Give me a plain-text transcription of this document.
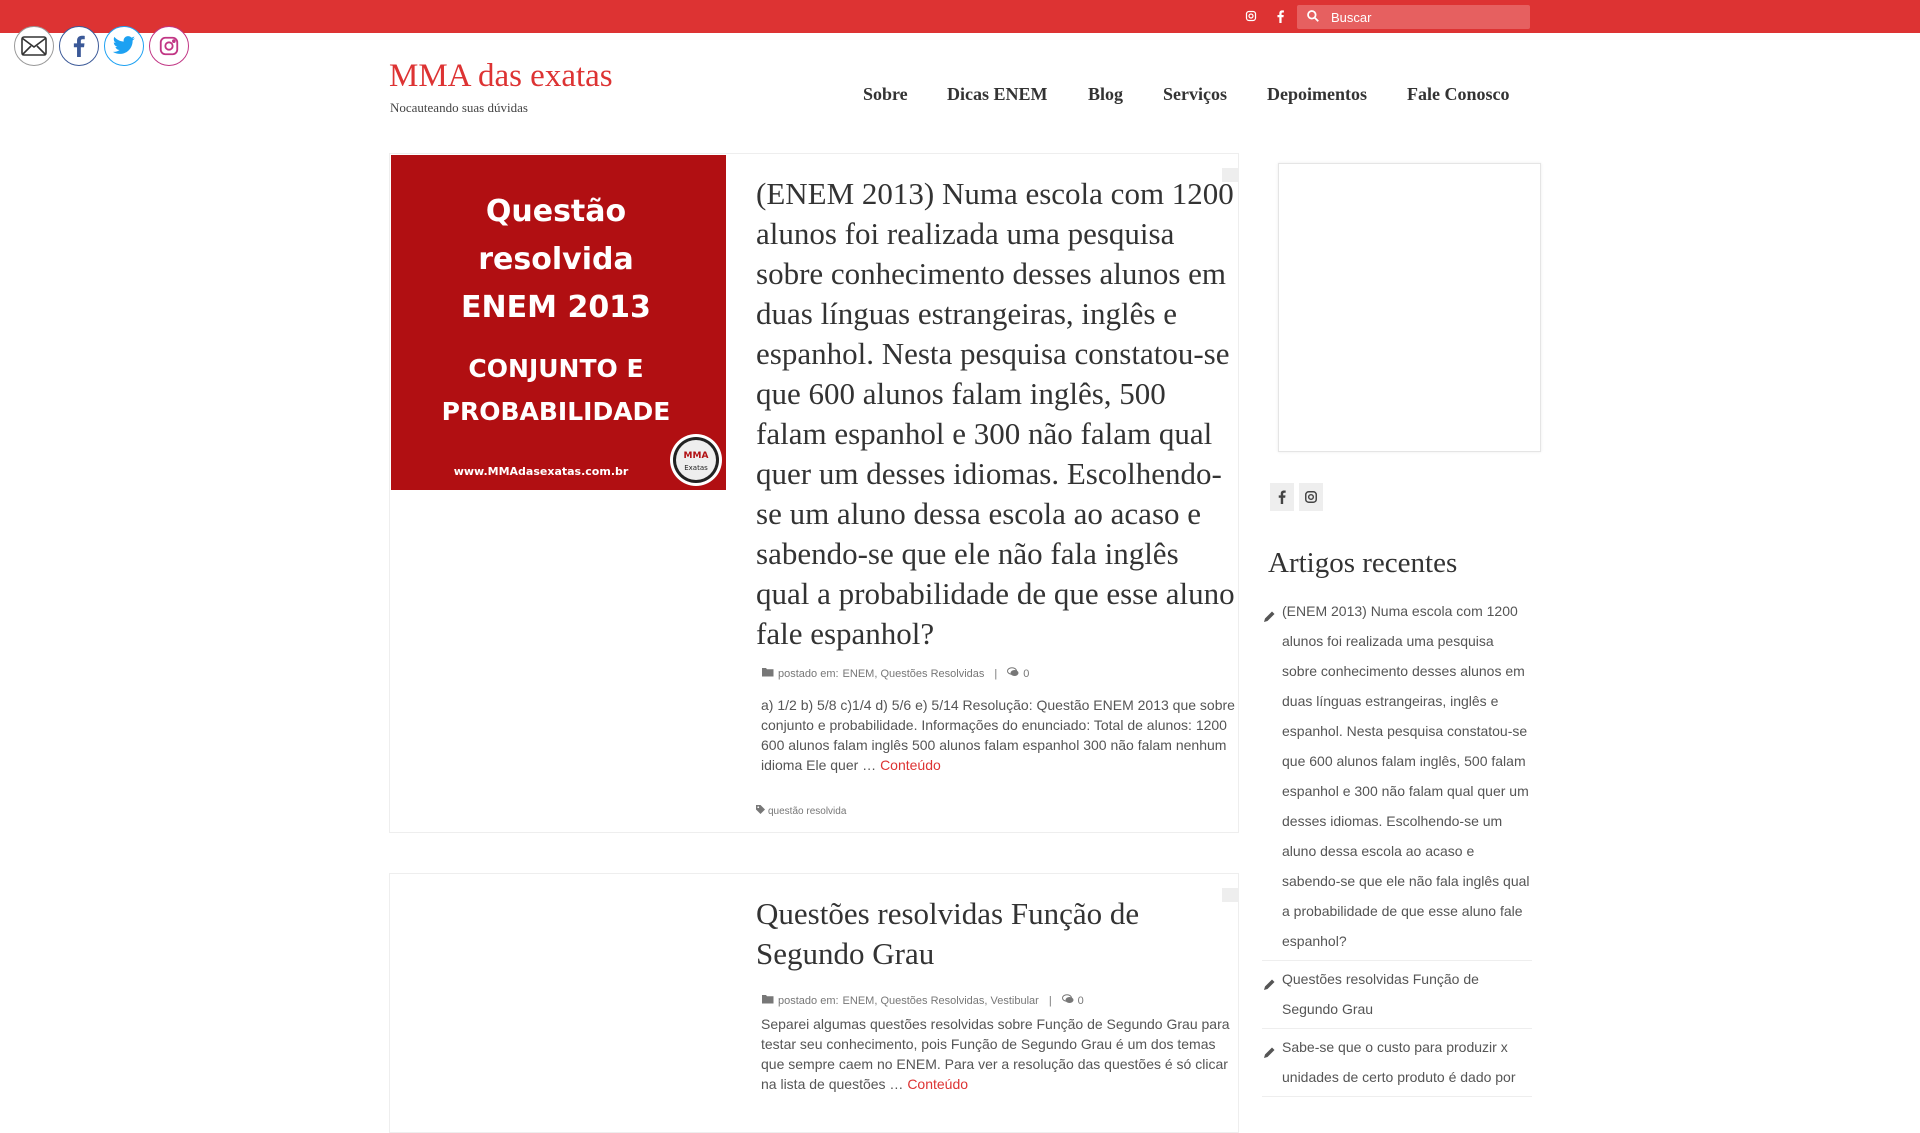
Buscar
MMA das exatas
Nocauteando suas dúvidas
Sobre Dicas ENEM Blog Serviços Depoimentos Fale Conosco
Questão
resolvida
ENEM 2013
CONJUNTO E
PROBABILIDADE
www.MMAdasexatas.com.br
MMA
Exatas
(ENEM 2013) Numa escola com 1200 alunos foi realizada uma pesquisa sobre conhecimento desses alunos em duas línguas estrangeiras, inglês e espanhol. Nesta pesquisa constatou-se que 600 alunos falam inglês, 500 falam espanhol e 300 não falam qual quer um desses idiomas. Escolhendo-se um aluno dessa escola ao acaso e sabendo-se que ele não fala inglês qual a probabilidade de que esse aluno fale espanhol?
postado em: ENEM, Questões Resolvidas | 0

a) 1/2 b) 5/8 c)1/4 d) 5/6 e) 5/14 Resolução: Questão ENEM 2013 que sobre conjunto e probabilidade. Informações do enunciado: Total de alunos: 1200 600 alunos falam inglês 500 alunos falam espanhol 300 não falam nenhum idioma Ele quer … Conteúdo

questão resolvida
Questões resolvidas Função de Segundo Grau
postado em: ENEM, Questões Resolvidas, Vestibular | 0

Separei algumas questões resolvidas sobre Função de Segundo Grau para testar seu conhecimento, pois Função de Segundo Grau é um dos temas que sempre caem no ENEM. Para ver a resolução das questões é só clicar na lista de questões … Conteúdo

Artigos recentes
(ENEM 2013) Numa escola com 1200 alunos foi realizada uma pesquisa sobre conhecimento desses alunos em duas línguas estrangeiras, inglês e espanhol. Nesta pesquisa constatou-se que 600 alunos falam inglês, 500 falam espanhol e 300 não falam qual quer um desses idiomas. Escolhendo-se um aluno dessa escola ao acaso e sabendo-se que ele não fala inglês qual a probabilidade de que esse aluno fale espanhol?
Questões resolvidas Função de Segundo Grau
Sabe-se que o custo para produzir x unidades de certo produto é dado por
